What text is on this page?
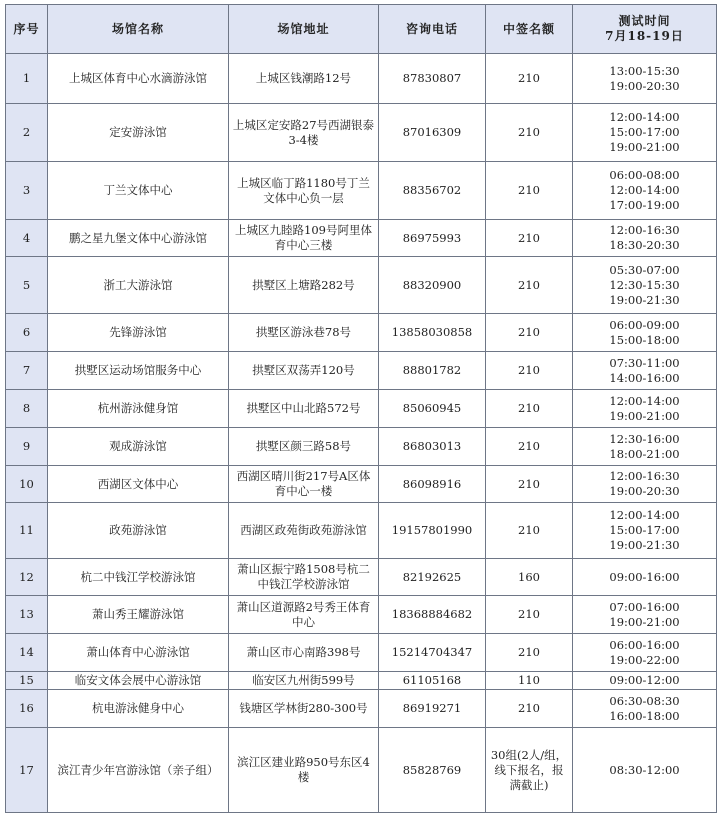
序号	场馆名称	场馆地址	咨询电话	中签名额	测试时间
7月18-19日

1	上城区体育中心水滴游泳馆	上城区钱潮路12号	87830807	210	13:00-15:30
19:00-20:30

2	定安游泳馆	上城区定安路27号西湖银泰3-4楼	87016309	210	12:00-14:00
15:00-17:00
19:00-21:00

3	丁兰文体中心	上城区临丁路1180号丁兰文体中心负一层	88356702	210	06:00-08:00
12:00-14:00
17:00-19:00

4	鹏之星九堡文体中心游泳馆	上城区九睦路109号阿里体育中心三楼	86975993	210	12:00-16:30
18:30-20:30

5	浙工大游泳馆	拱墅区上塘路282号	88320900	210	05:30-07:00
12:30-15:30
19:00-21:30

6	先锋游泳馆	拱墅区游泳巷78号	13858030858	210	06:00-09:00
15:00-18:00

7	拱墅区运动场馆服务中心	拱墅区双荡弄120号	88801782	210	07:30-11:00
14:00-16:00

8	杭州游泳健身馆	拱墅区中山北路572号	85060945	210	12:00-14:00
19:00-21:00

9	观成游泳馆	拱墅区颜三路58号	86803013	210	12:30-16:00
18:00-21:00

10	西湖区文体中心	西湖区晴川街217号A区体育中心一楼	86098916	210	12:00-16:30
19:00-20:30

11	政苑游泳馆	西湖区政苑街政苑游泳馆	19157801990	210	12:00-14:00
15:00-17:00
19:00-21:30

12	杭二中钱江学校游泳馆	萧山区振宁路1508号杭二中钱江学校游泳馆	82192625	160	09:00-16:00

13	萧山秀王耀游泳馆	萧山区道源路2号秀王体育中心	18368884682	210	07:00-16:00
19:00-21:00

14	萧山体育中心游泳馆	萧山区市心南路398号	15214704347	210	06:00-16:00
19:00-22:00

15	临安文体会展中心游泳馆	临安区九州街599号	61105168	110	09:00-12:00

16	杭电游泳健身中心	钱塘区学林街280-300号	86919271	210	06:30-08:30
16:00-18:00

17	滨江青少年宫游泳馆（亲子组）	滨江区建业路950号东区4楼	85828769	30组(2人/组，线下报名，报满截止)	08:30-12:00
